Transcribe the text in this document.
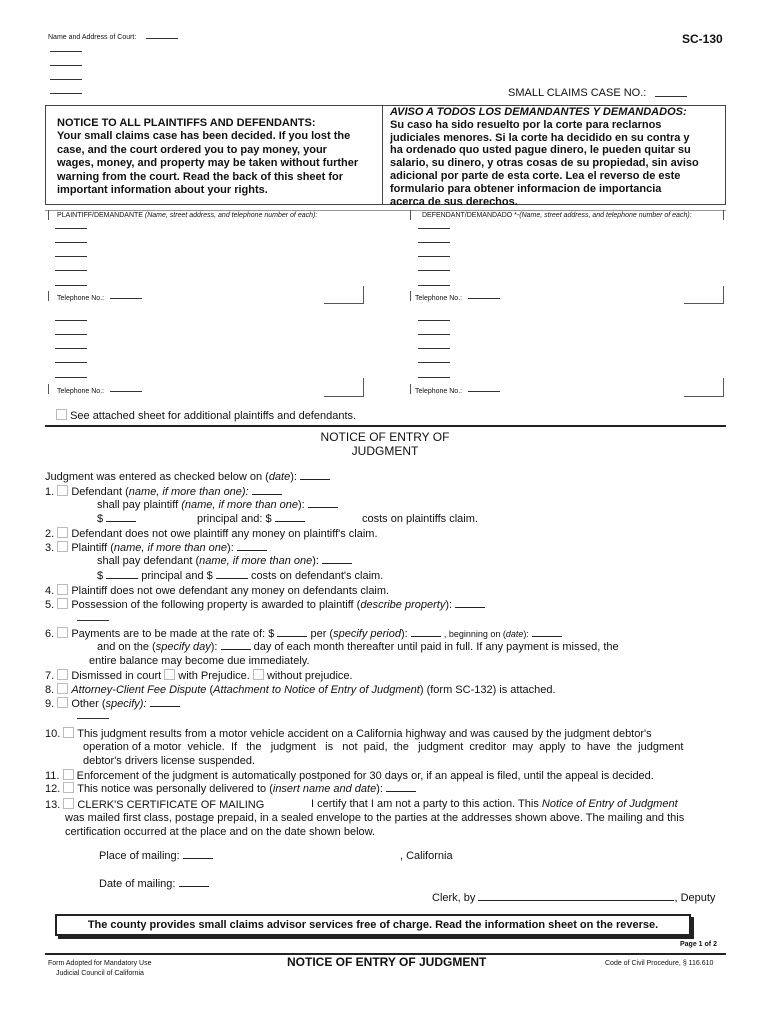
Name and Address of Court:	SC-130
SMALL CLAIMS CASE NO.:
NOTICE TO ALL PLAINTIFFS AND DEFENDANTS:
Your small claims case has been decided. If you lost the
case, and the court ordered you to pay money, your
wages, money, and property may be taken without further
warning from the court. Read the back of this sheet for
important information about your rights.
AVISO A TODOS LOS DEMANDANTES Y DEMANDADOS:
Su caso ha sido resuelto por la corte para reclarnos
judiciales menores. Si la corte ha decidido en su contra y
ha ordenado quo usted pague dinero, le pueden quitar su
salario, su dinero, y otras cosas de su propiedad, sin aviso
adicional por parte de esta corte. Lea el reverso de este
formulario para obtener informacion de importancia
acerca de sus derechos.
PLAINTIFF/DEMANDANTE (Name, street address, and telephone number of each):	DEFENDANT/DEMANDADO *-(Name, street address, and telephone number of each):
Telephone No.:	Telephone No.:
Telephone No.:	Telephone No.:
See attached sheet for additional plaintiffs and defendants.
NOTICE OF ENTRY OF
JUDGMENT
Judgment was entered as checked below on (date):
1. Defendant (name, if more than one):
shall pay plaintiff (name, if more than one):
$	principal and: $	costs on plaintiffs claim.
2. Defendant does not owe plaintiff any money on plaintiff's claim.
3. Plaintiff (name, if more than one):
shall pay defendant (name, if more than one):
$	principal and $	costs on defendant's claim.
4. Plaintiff does not owe defendant any money on defendants claim.
5. Possession of the following property is awarded to plaintiff (describe property):
6. Payments are to be made at the rate of: $	per (specify period):	, beginning on (date):
and on the (specify day):	day of each month thereafter until paid in full. If any payment is missed, the
entire balance may become due immediately.
7. Dismissed in court with Prejudice. without prejudice.
8. Attorney-Client Fee Dispute (Attachment to Notice of Entry of Judgment) (form SC-132) is attached.
9. Other (specify):
10. This judgment results from a motor vehicle accident on a California highway and was caused by the judgment debtor's
operation of a motor  vehicle.  If   the   judgment   is   not  paid,  the   judgment  creditor  may  apply  to  have  the  judgment
debtor's drivers license suspended.
11. Enforcement of the judgment is automatically postponed for 30 days or, if an appeal is filed, until the appeal is decided.
12. This notice was personally delivered to (insert name and date):
13. CLERK'S CERTIFICATE OF MAILING	I certify that I am not a party to this action. This Notice of Entry of Judgment
was mailed first class, postage prepaid, in a sealed envelope to the parties at the addresses shown above. The mailing and this
certification occurred at the place and on the date shown below.
Place of mailing:	, California
Date of mailing:
Clerk, by	, Deputy
The county provides small claims advisor services free of charge. Read the information sheet on the reverse.
Page 1 of 2
Form Adopted for Mandatory Use
Judicial Council of California
NOTICE OF ENTRY OF JUDGMENT	Code of Civil Procedure, § 116.610
